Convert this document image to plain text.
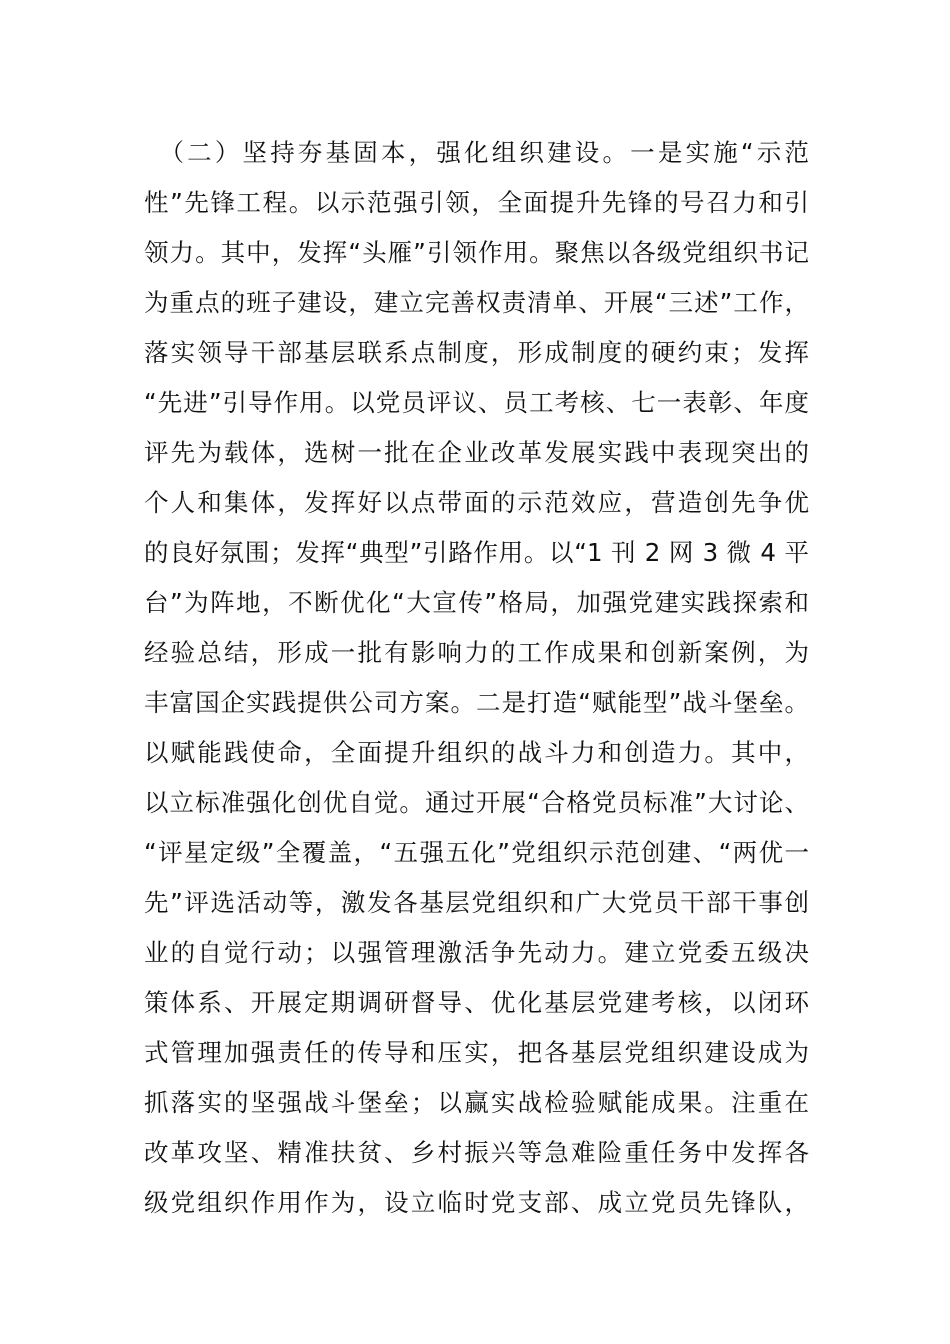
　（二）坚持夯基固本，强化组织建设。一是实施“示范
性”先锋工程。以示范强引领，全面提升先锋的号召力和引
领力。其中，发挥“头雁”引领作用。聚焦以各级党组织书记
为重点的班子建设，建立完善权责清单、开展“三述”工作，
落实领导干部基层联系点制度，形成制度的硬约束；发挥
“先进”引导作用。以党员评议、员工考核、七一表彰、年度
评先为载体，选树一批在企业改革发展实践中表现突出的
个人和集体，发挥好以点带面的示范效应，营造创先争优
的良好氛围；发挥“典型”引路作用。以“1 刊 2 网 3 微 4 平
台”为阵地，不断优化“大宣传”格局，加强党建实践探索和
经验总结，形成一批有影响力的工作成果和创新案例，为
丰富国企实践提供公司方案。二是打造“赋能型”战斗堡垒。
以赋能践使命，全面提升组织的战斗力和创造力。其中，
以立标准强化创优自觉。通过开展“合格党员标准”大讨论、
“评星定级”全覆盖，“五强五化”党组织示范创建、“两优一
先”评选活动等，激发各基层党组织和广大党员干部干事创
业的自觉行动；以强管理激活争先动力。建立党委五级决
策体系、开展定期调研督导、优化基层党建考核，以闭环
式管理加强责任的传导和压实，把各基层党组织建设成为
抓落实的坚强战斗堡垒；以赢实战检验赋能成果。注重在
改革攻坚、精准扶贫、乡村振兴等急难险重任务中发挥各
级党组织作用作为，设立临时党支部、成立党员先锋队，
